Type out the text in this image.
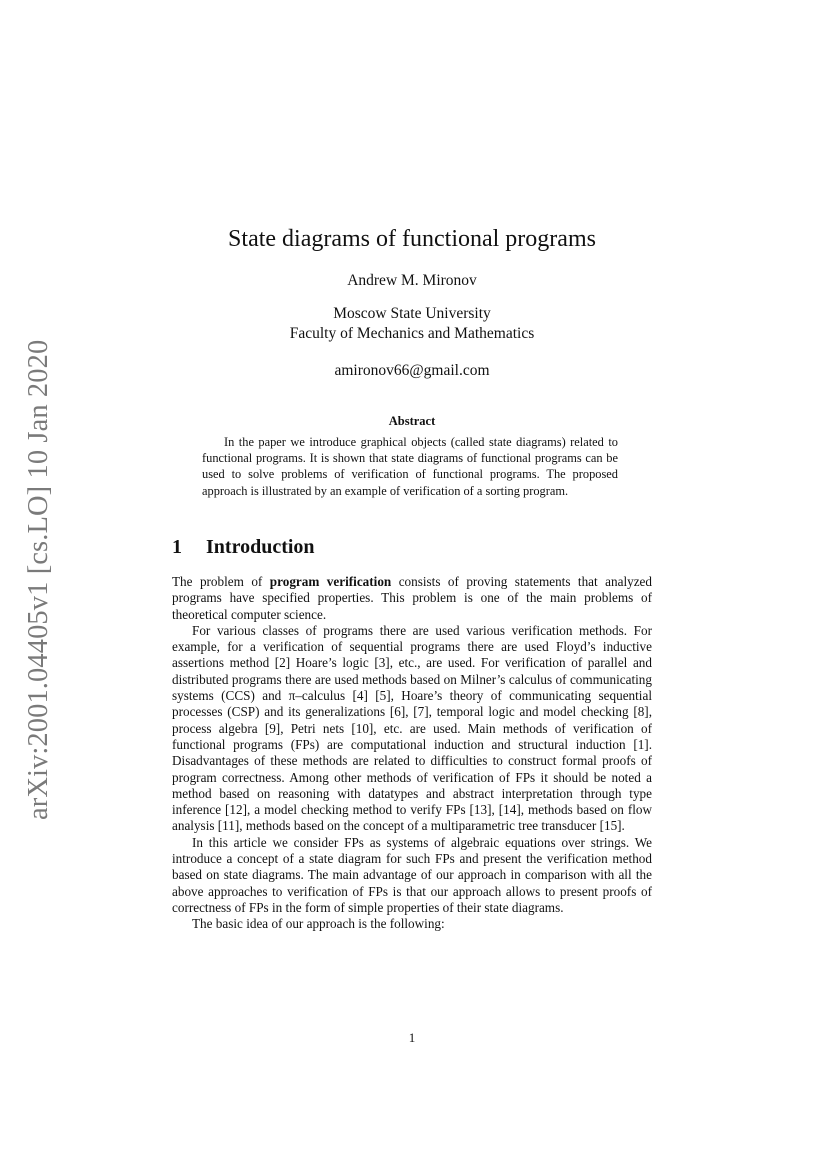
arXiv:2001.04405v1 [cs.LO] 10 Jan 2020
State diagrams of functional programs
Andrew M. Mironov
Moscow State University
Faculty of Mechanics and Mathematics
amironov66@gmail.com
Abstract

In the paper we introduce graphical objects (called state diagrams) related to functional programs. It is shown that state diagrams of functional programs can be used to solve problems of verification of functional programs. The proposed approach is illustrated by an example of verification of a sorting program.

1 Introduction

The problem of program verification consists of proving statements that analyzed programs have specified properties. This problem is one of the main problems of theoretical computer science.

For various classes of programs there are used various verification methods. For example, for a verification of sequential programs there are used Floyd’s inductive assertions method [2] Hoare’s logic [3], etc., are used. For verification of parallel and distributed programs there are used methods based on Milner’s calculus of communicating systems (CCS) and π–calculus [4] [5], Hoare’s theory of communicating sequential processes (CSP) and its generalizations [6], [7], temporal logic and model checking [8], process algebra [9], Petri nets [10], etc. are used. Main methods of verification of functional programs (FPs) are computational induction and structural induction [1]. Disadvantages of these methods are related to difficulties to construct formal proofs of program correctness. Among other methods of verification of FPs it should be noted a method based on reasoning with datatypes and abstract interpretation through type inference [12], a model checking method to verify FPs [13], [14], methods based on flow analysis [11], methods based on the concept of a multiparametric tree transducer [15].

In this article we consider FPs as systems of algebraic equations over strings. We introduce a concept of a state diagram for such FPs and present the verification method based on state diagrams. The main advantage of our approach in comparison with all the above approaches to verification of FPs is that our approach allows to present proofs of correctness of FPs in the form of simple properties of their state diagrams.

The basic idea of our approach is the following:

1
